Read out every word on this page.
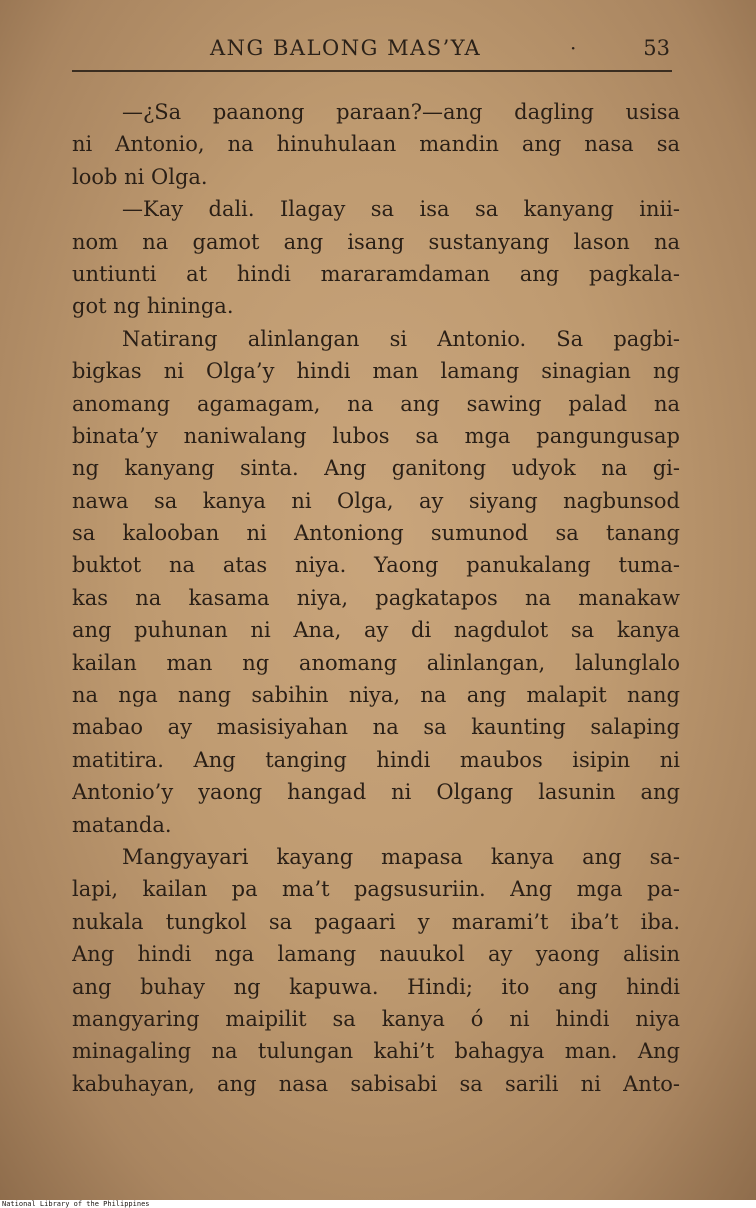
ANG BALONG MAS’YA	·	53
—¿Sa paanong paraan?—ang dagling usisa
ni Antonio, na hinuhulaan mandin ang nasa sa
loob ni Olga.
—Kay dali. Ilagay sa isa sa kanyang inii-
nom na gamot ang isang sustanyang lason na
untiunti at hindi mararamdaman ang pagkala-
got ng hininga.
Natirang alinlangan si Antonio. Sa pagbi-
bigkas ni Olga’y hindi man lamang sinagian ng
anomang agamagam, na ang sawing palad na
binata’y naniwalang lubos sa mga pangungusap
ng kanyang sinta. Ang ganitong udyok na gi-
nawa sa kanya ni Olga, ay siyang nagbunsod
sa kalooban ni Antoniong sumunod sa tanang
buktot na atas niya. Yaong panukalang tuma-
kas na kasama niya, pagkatapos na manakaw
ang puhunan ni Ana, ay di nagdulot sa kanya
kailan man ng anomang alinlangan, lalunglalo
na nga nang sabihin niya, na ang malapit nang
mabao ay masisiyahan na sa kaunting salaping
matitira. Ang tanging hindi maubos isipin ni
Antonio’y yaong hangad ni Olgang lasunin ang
matanda.
Mangyayari kayang mapasa kanya ang sa-
lapi, kailan pa ma’t pagsusuriin. Ang mga pa-
nukala tungkol sa pagaari y marami’t iba’t iba.
Ang hindi nga lamang nauukol ay yaong alisin
ang buhay ng kapuwa. Hindi; ito ang hindi
mangyaring maipilit sa kanya ó ni hindi niya
minagaling na tulungan kahi’t bahagya man. Ang
kabuhayan, ang nasa sabisabi sa sarili ni Anto-
National Library of the Philippines
